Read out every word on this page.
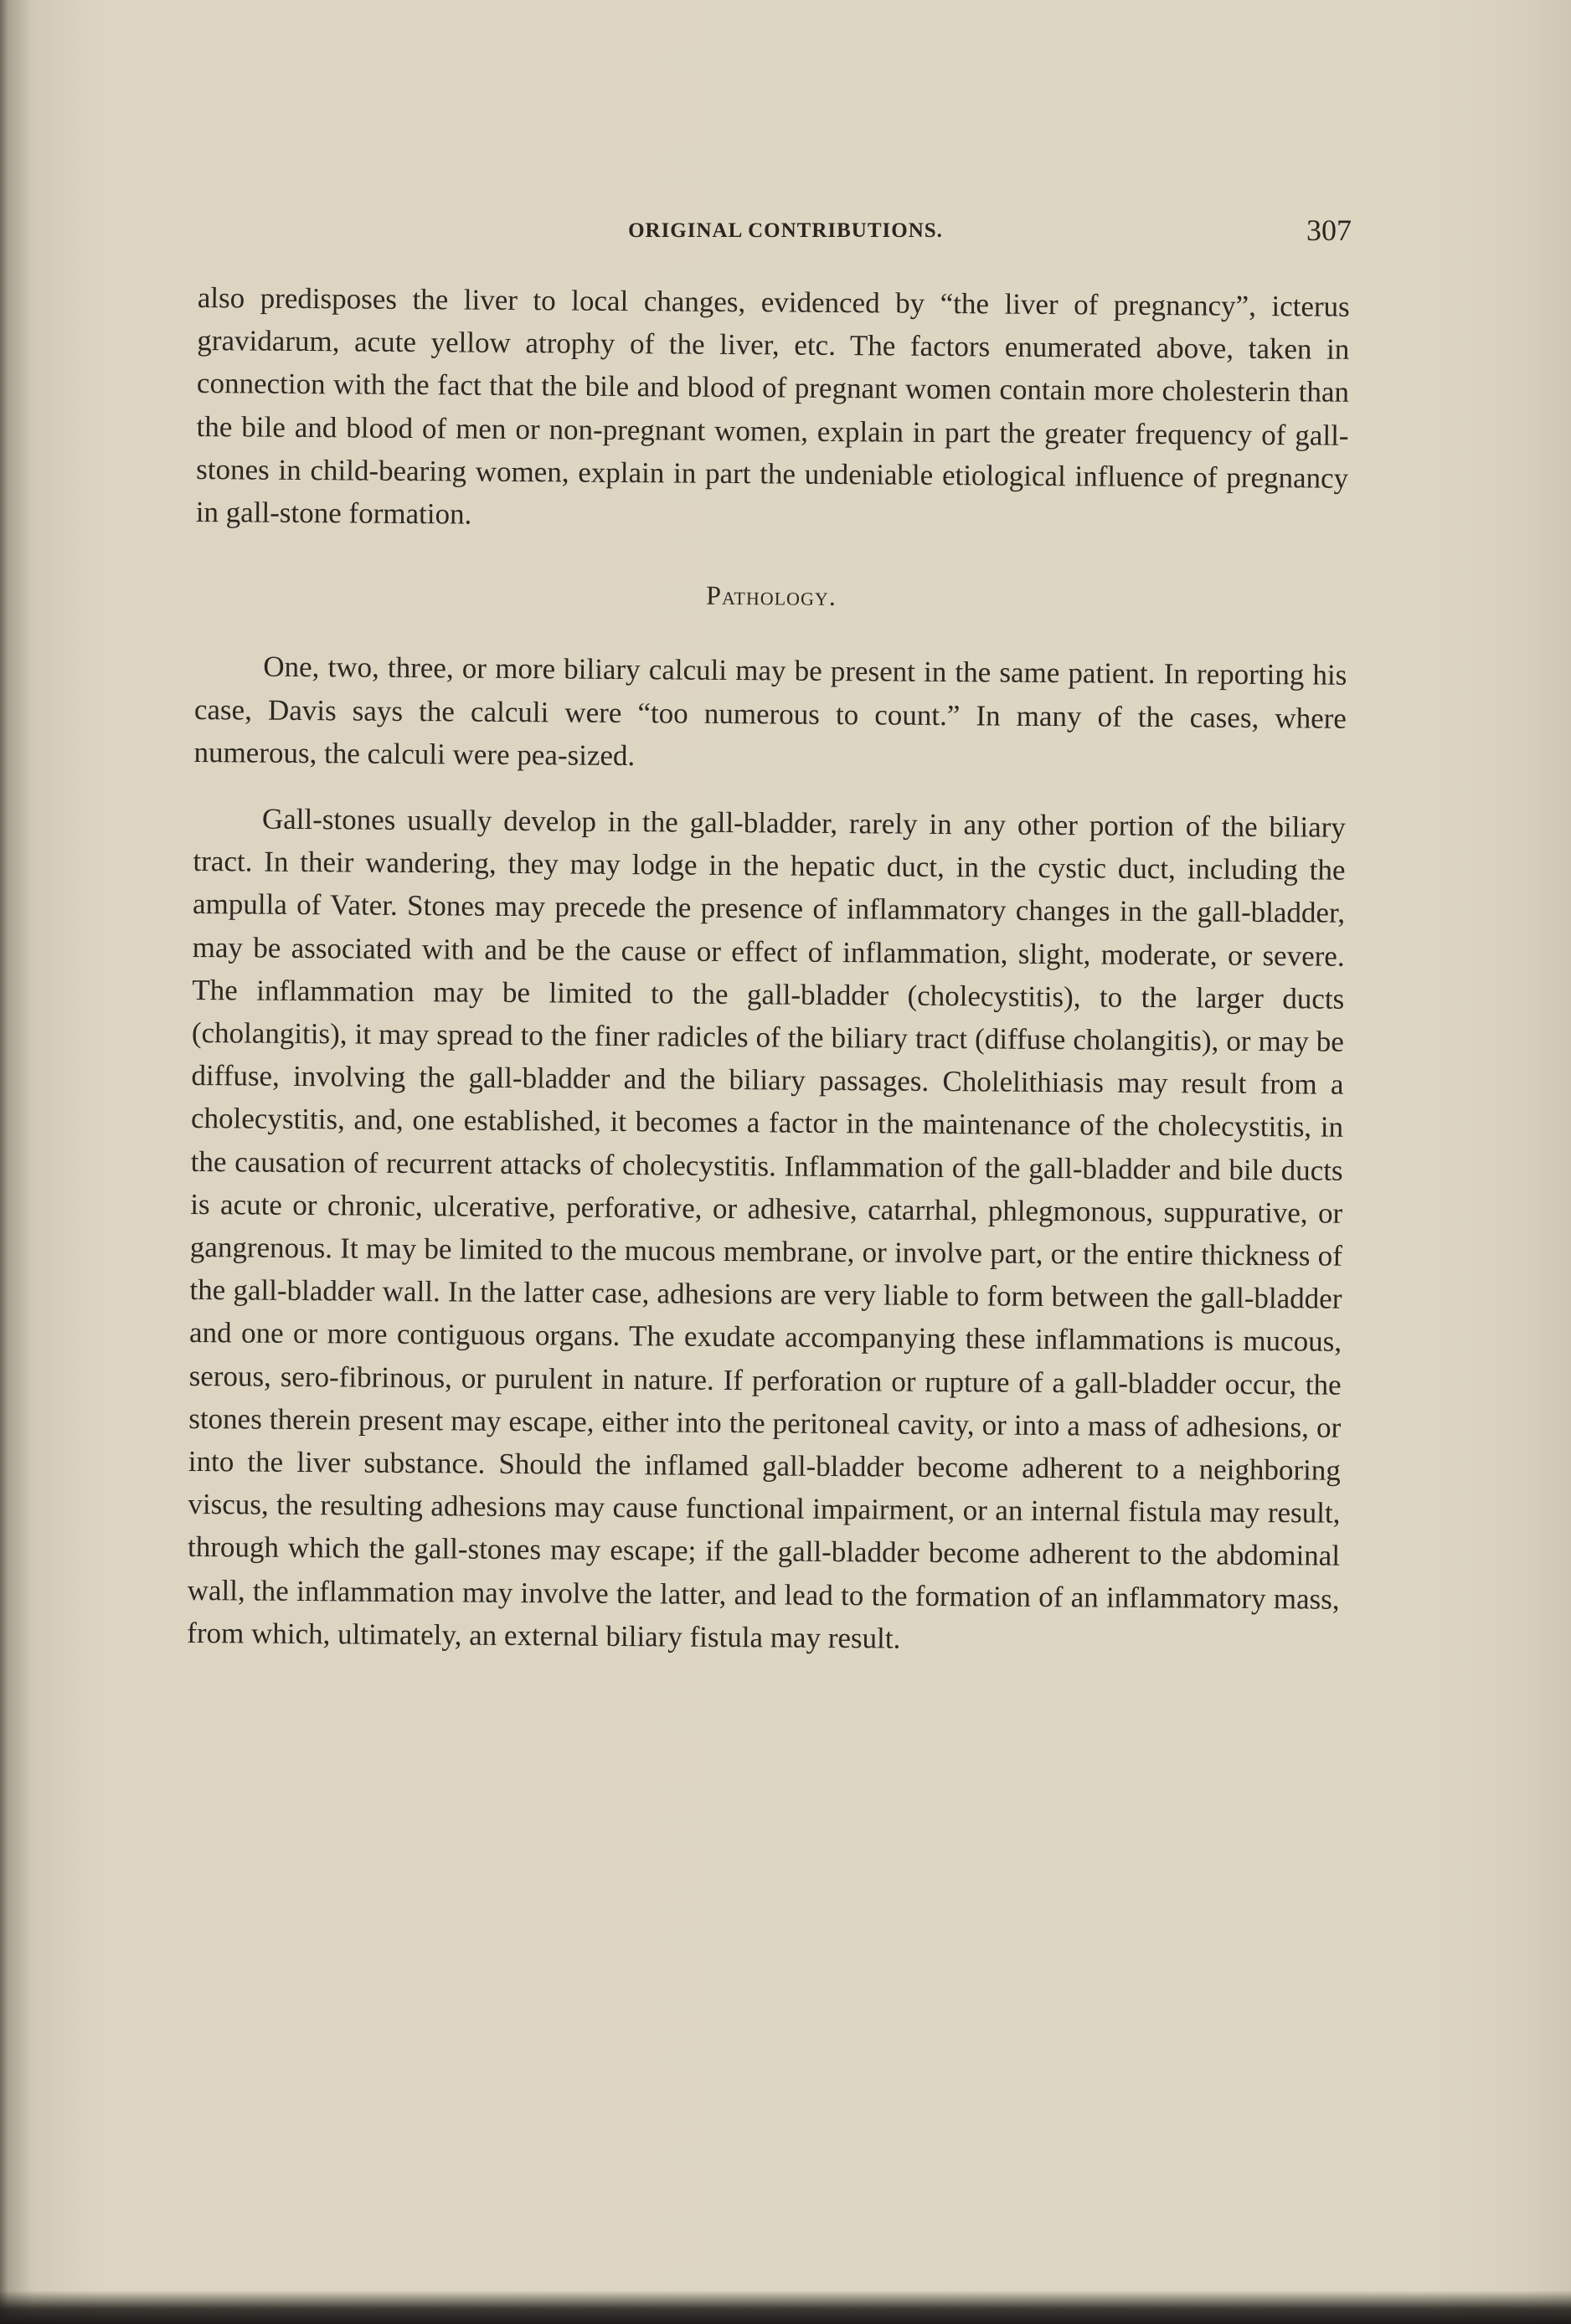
ORIGINAL CONTRIBUTIONS.	307

also predisposes the liver to local changes, evidenced by “the liver of pregnancy”, icterus gravidarum, acute yellow atrophy of the liver, etc. The factors enumerated above, taken in connection with the fact that the bile and blood of pregnant women contain more cholesterin than the bile and blood of men or non-pregnant women, explain in part the greater frequency of gall-stones in child-bearing women, explain in part the undeniable etiological influence of pregnancy in gall-stone formation.

Pathology.

One, two, three, or more biliary calculi may be present in the same patient. In reporting his case, Davis says the calculi were “too numerous to count.” In many of the cases, where numerous, the calculi were pea-sized.

Gall-stones usually develop in the gall-bladder, rarely in any other portion of the biliary tract. In their wandering, they may lodge in the hepatic duct, in the cystic duct, including the ampulla of Vater. Stones may precede the presence of inflammatory changes in the gall-bladder, may be associated with and be the cause or effect of inflammation, slight, moderate, or severe. The inflammation may be limited to the gall-bladder (cholecystitis), to the larger ducts (cholangitis), it may spread to the finer radicles of the biliary tract (diffuse cholangitis), or may be diffuse, involving the gall-bladder and the biliary passages. Cholelithiasis may result from a cholecystitis, and, one established, it becomes a factor in the maintenance of the cholecystitis, in the causation of recurrent attacks of cholecystitis. Inflammation of the gall-bladder and bile ducts is acute or chronic, ulcerative, perforative, or adhesive, catarrhal, phlegmonous, suppurative, or gangrenous. It may be limited to the mucous membrane, or involve part, or the entire thickness of the gall-bladder wall. In the latter case, adhesions are very liable to form between the gall-bladder and one or more contiguous organs. The exudate accompanying these inflammations is mucous, serous, sero-fibrinous, or purulent in nature. If perforation or rupture of a gall-bladder occur, the stones therein present may escape, either into the peritoneal cavity, or into a mass of adhesions, or into the liver substance. Should the inflamed gall-bladder become adherent to a neighboring viscus, the resulting adhesions may cause functional impairment, or an internal fistula may result, through which the gall-stones may escape; if the gall-bladder become adherent to the abdominal wall, the inflammation may involve the latter, and lead to the formation of an inflammatory mass, from which, ultimately, an external biliary fistula may result.
